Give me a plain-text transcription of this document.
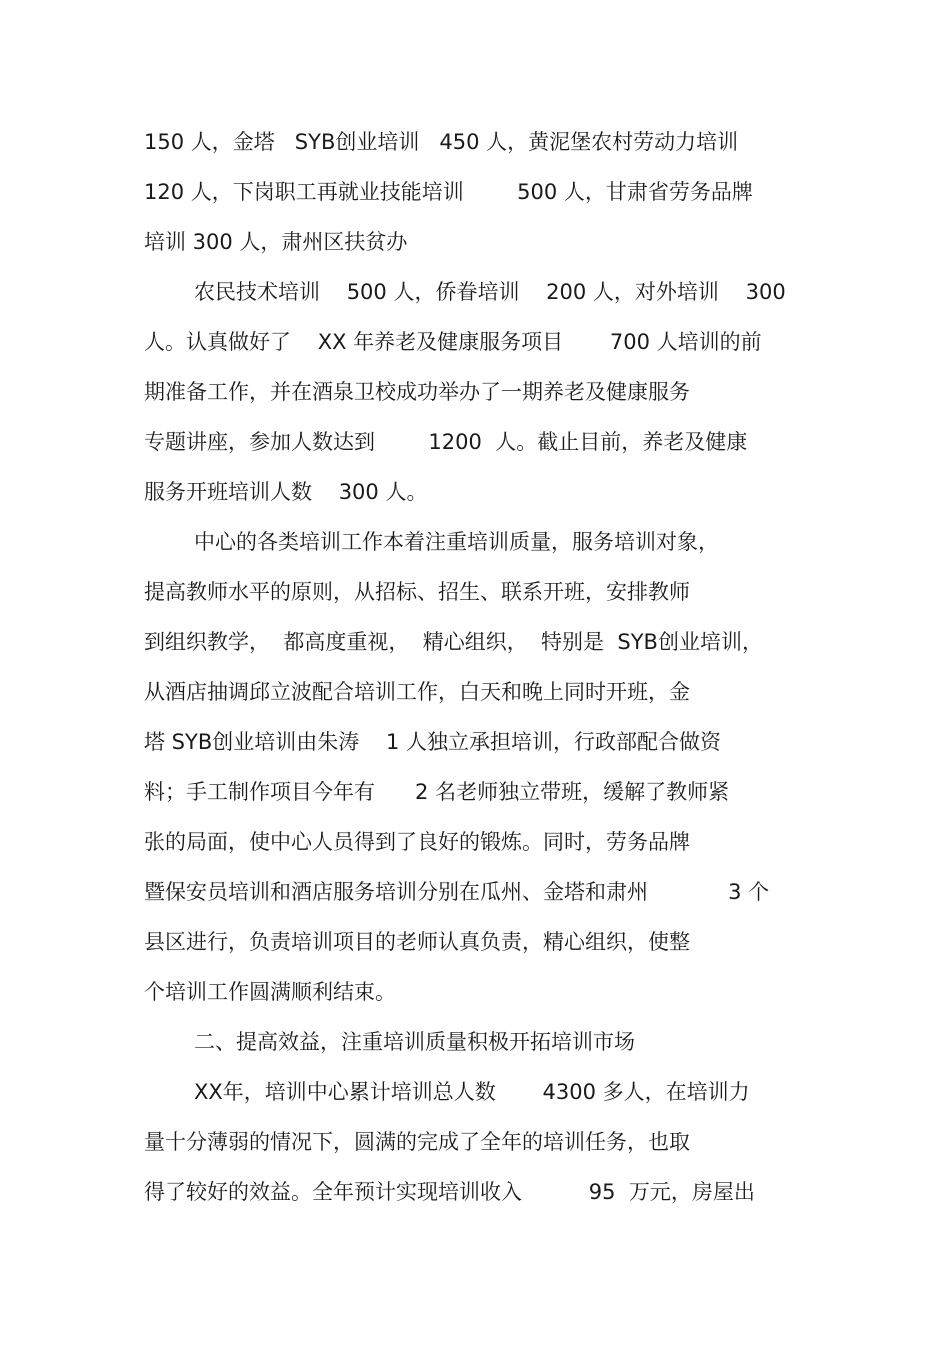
150 人，金塔   SYB创业培训   450 人，黄泥堡农村劳动力培训
120 人，下岗职工再就业技能培训        500 人，甘肃省劳务品牌
培训 300 人，肃州区扶贫办
农民技术培训    500 人，侨眷培训    200 人，对外培训    300
人。认真做好了    XX 年养老及健康服务项目       700 人培训的前
期准备工作，并在酒泉卫校成功举办了一期养老及健康服务
专题讲座，参加人数达到        1200  人。截止目前，养老及健康
服务开班培训人数    300 人。
中心的各类培训工作本着注重培训质量，服务培训对象，
提高教师水平的原则，从招标、招生、联系开班，安排教师
到组织教学，  都高度重视，  精心组织，  特别是  SYB创业培训，
从酒店抽调邱立波配合培训工作，白天和晚上同时开班，金
塔 SYB创业培训由朱涛    1 人独立承担培训，行政部配合做资
料；手工制作项目今年有      2 名老师独立带班，缓解了教师紧
张的局面，使中心人员得到了良好的锻炼。同时，劳务品牌
暨保安员培训和酒店服务培训分别在瓜州、金塔和肃州            3 个
县区进行，负责培训项目的老师认真负责，精心组织，使整
个培训工作圆满顺利结束。
二、提高效益，注重培训质量积极开拓培训市场
XX年，培训中心累计培训总人数       4300 多人，在培训力
量十分薄弱的情况下，圆满的完成了全年的培训任务，也取
得了较好的效益。全年预计实现培训收入          95  万元，房屋出
